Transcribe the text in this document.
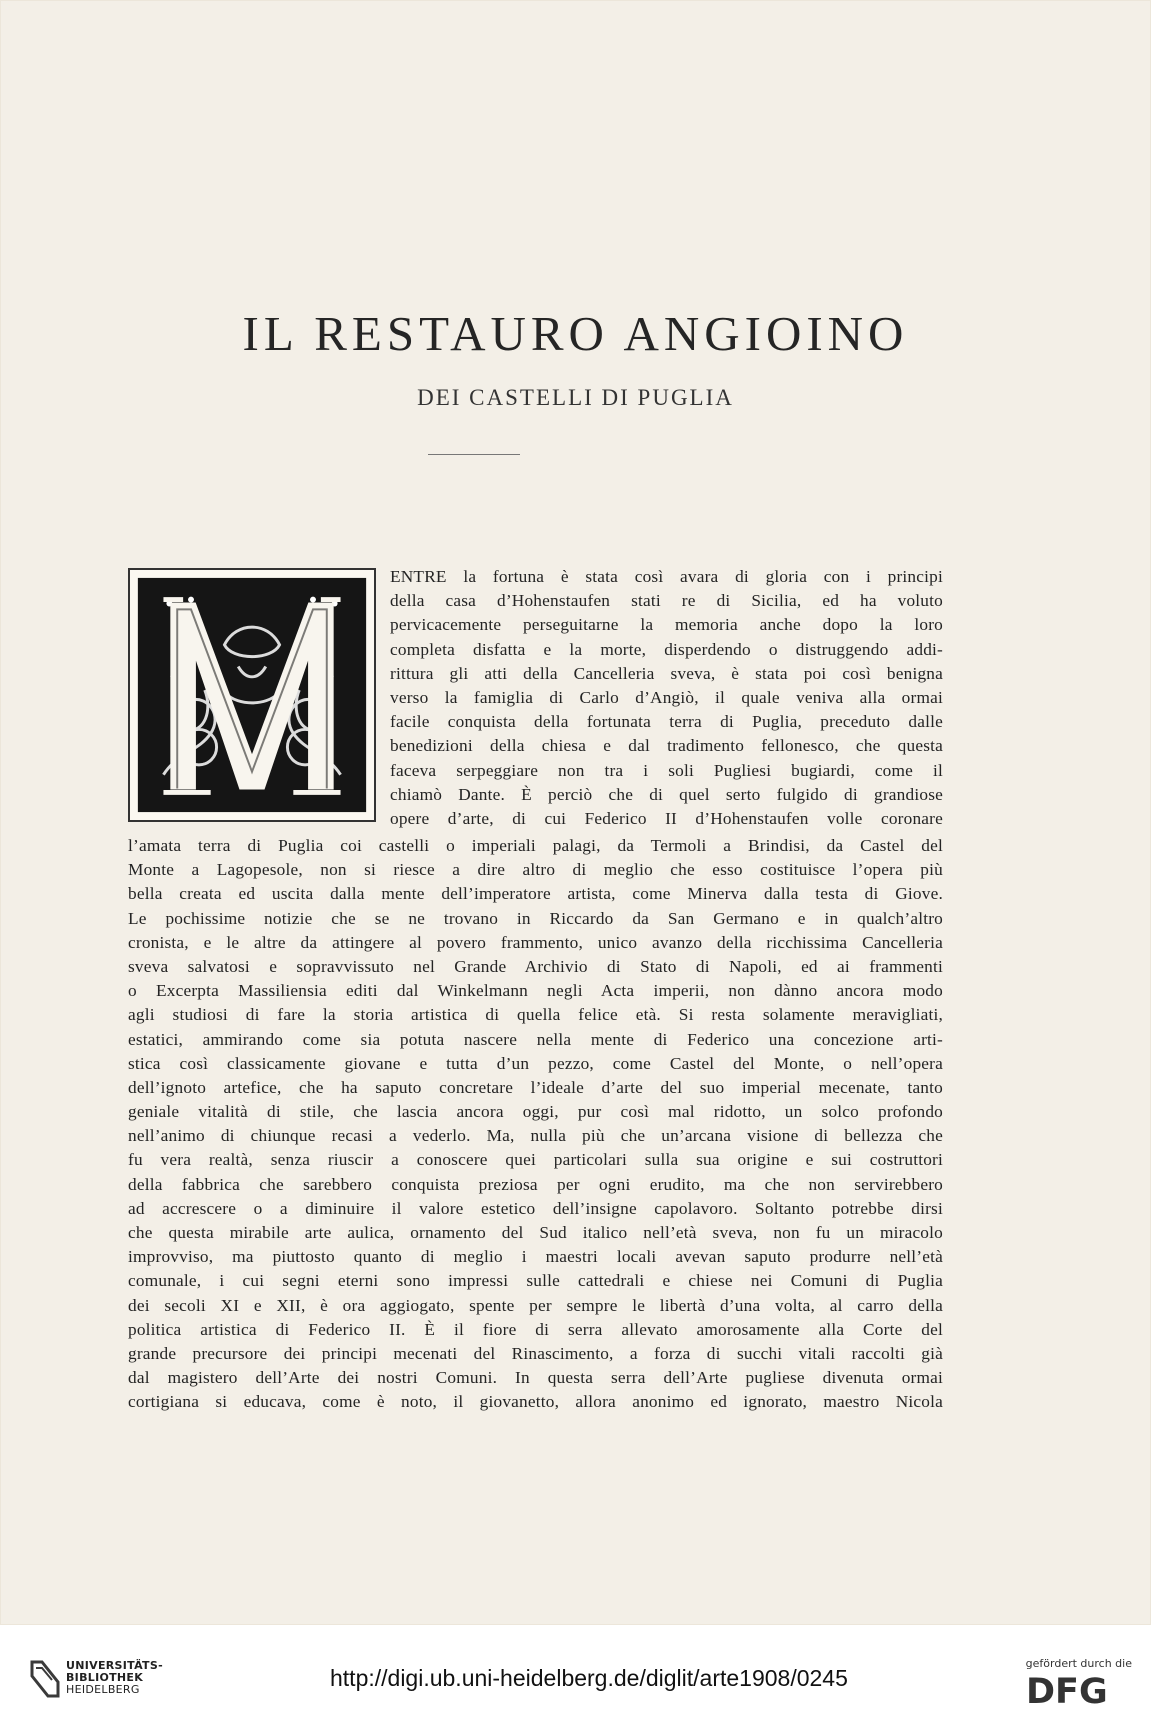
IL RESTAURO ANGIOINO
DEI CASTELLI DI PUGLIA
ENTRE la fortuna è stata così avara di gloria con i principi
della casa d’Hohenstaufen stati re di Sicilia, ed ha voluto
pervicacemente perseguitarne la memoria anche dopo la loro
completa disfatta e la morte, disperdendo o distruggendo addi-
rittura gli atti della Cancelleria sveva, è stata poi così benigna
verso la famiglia di Carlo d’Angiò, il quale veniva alla ormai
facile conquista della fortunata terra di Puglia, preceduto dalle
benedizioni della chiesa e dal tradimento fellonesco, che questa
faceva serpeggiare non tra i soli Pugliesi bugiardi, come il
chiamò Dante. È perciò che di quel serto fulgido di grandiose
opere d’arte, di cui Federico II d’Hohenstaufen volle coronare
l’amata terra di Puglia coi castelli o imperiali palagi, da Termoli a Brindisi, da Castel del
Monte a Lagopesole, non si riesce a dire altro di meglio che esso costituisce l’opera più
bella creata ed uscita dalla mente dell’imperatore artista, come Minerva dalla testa di Giove.
Le pochissime notizie che se ne trovano in Riccardo da San Germano e in qualch’altro
cronista, e le altre da attingere al povero frammento, unico avanzo della ricchissima Cancelleria
sveva salvatosi e sopravvissuto nel Grande Archivio di Stato di Napoli, ed ai frammenti
o Excerpta Massiliensia editi dal Winkelmann negli Acta imperii, non dànno ancora modo
agli studiosi di fare la storia artistica di quella felice età. Si resta solamente meravigliati,
estatici, ammirando come sia potuta nascere nella mente di Federico una concezione arti-
stica così classicamente giovane e tutta d’un pezzo, come Castel del Monte, o nell’opera
dell’ignoto artefice, che ha saputo concretare l’ideale d’arte del suo imperial mecenate, tanto
geniale vitalità di stile, che lascia ancora oggi, pur così mal ridotto, un solco profondo
nell’animo di chiunque recasi a vederlo. Ma, nulla più che un’arcana visione di bellezza che
fu vera realtà, senza riuscir a conoscere quei particolari sulla sua origine e sui costruttori
della fabbrica che sarebbero conquista preziosa per ogni erudito, ma che non servirebbero
ad accrescere o a diminuire il valore estetico dell’insigne capolavoro. Soltanto potrebbe dirsi
che questa mirabile arte aulica, ornamento del Sud italico nell’età sveva, non fu un miracolo
improvviso, ma piuttosto quanto di meglio i maestri locali avevan saputo produrre nell’età
comunale, i cui segni eterni sono impressi sulle cattedrali e chiese nei Comuni di Puglia
dei secoli XI e XII, è ora aggiogato, spente per sempre le libertà d’una volta, al carro della
politica artistica di Federico II. È il fiore di serra allevato amorosamente alla Corte del
grande precursore dei principi mecenati del Rinascimento, a forza di succhi vitali raccolti già
dal magistero dell’Arte dei nostri Comuni. In questa serra dell’Arte pugliese divenuta ormai
cortigiana si educava, come è noto, il giovanetto, allora anonimo ed ignorato, maestro Nicola
UNIVERSITÄTS-
BIBLIOTHEK
HEIDELBERG	http://digi.ub.uni-heidelberg.de/diglit/arte1908/0245
gefördert durch die
DFG
